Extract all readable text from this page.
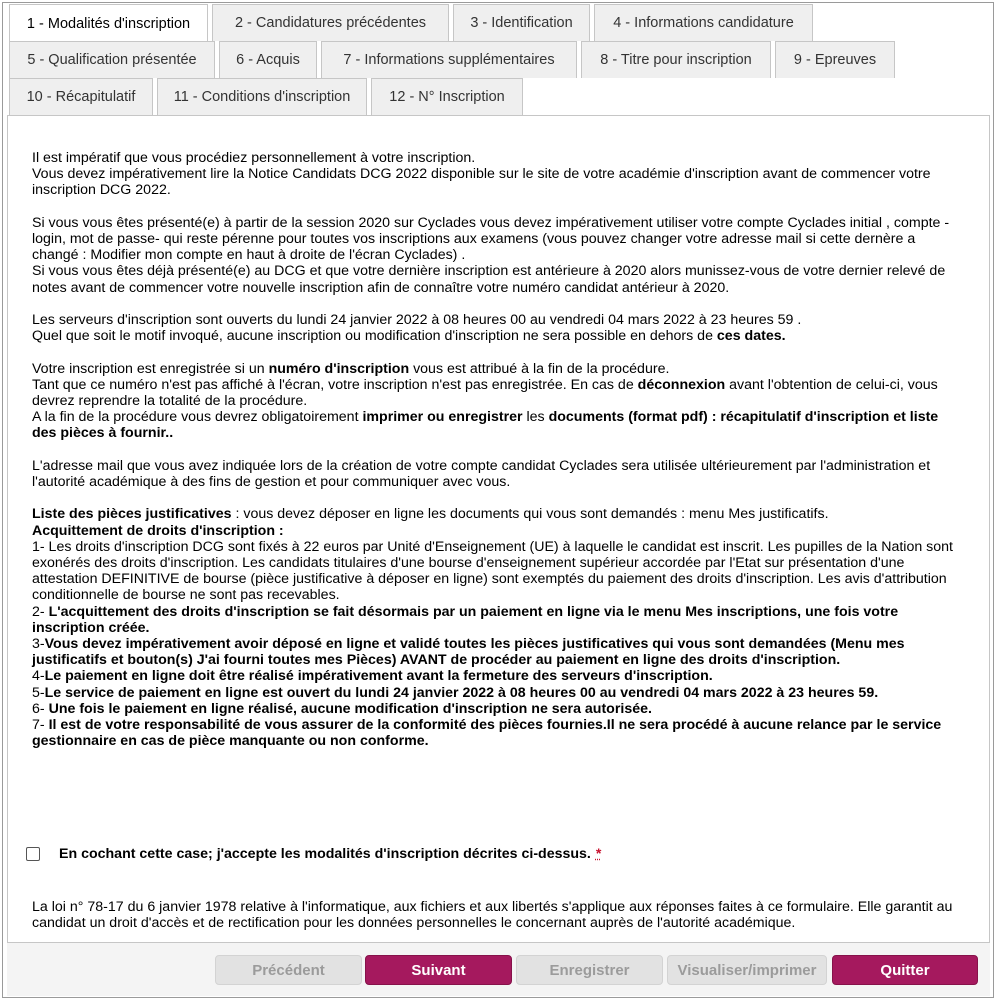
1 - Modalités d'inscription	2 - Candidatures précédentes	3 - Identification	4 - Informations candidature
5 - Qualification présentée	6 - Acquis	7 - Informations supplémentaires	8 - Titre pour inscription	9 - Epreuves
10 - Récapitulatif	11 - Conditions d'inscription	12 - N° Inscription

Il est impératif que vous procédiez personnellement à votre inscription.
Vous devez impérativement lire la Notice Candidats DCG 2022 disponible sur le site de votre académie d'inscription avant de commencer votre inscription DCG 2022.

Si vous vous êtes présenté(e) à partir de la session 2020 sur Cyclades vous devez impérativement utiliser votre compte Cyclades initial , compte - login, mot de passe- qui reste pérenne pour toutes vos inscriptions aux examens (vous pouvez changer votre adresse mail si cette dernère a changé : Modifier mon compte en haut à droite de l'écran Cyclades) .
Si vous vous êtes déjà présenté(e) au DCG et que votre dernière inscription est antérieure à 2020 alors munissez-vous de votre dernier relevé de notes avant de commencer votre nouvelle inscription afin de connaître votre numéro candidat antérieur à 2020.

Les serveurs d'inscription sont ouverts du lundi 24 janvier 2022 à 08 heures 00 au vendredi 04 mars 2022 à 23 heures 59 .
Quel que soit le motif invoqué, aucune inscription ou modification d'inscription ne sera possible en dehors de ces dates.

Votre inscription est enregistrée si un numéro d'inscription vous est attribué à la fin de la procédure.
Tant que ce numéro n'est pas affiché à l'écran, votre inscription n'est pas enregistrée. En cas de déconnexion avant l'obtention de celui-ci, vous devrez reprendre la totalité de la procédure.
A la fin de la procédure vous devrez obligatoirement imprimer ou enregistrer les documents (format pdf) : récapitulatif d'inscription et liste des pièces à fournir..

L'adresse mail que vous avez indiquée lors de la création de votre compte candidat Cyclades sera utilisée ultérieurement par l'administration et l'autorité académique à des fins de gestion et pour communiquer avec vous.

Liste des pièces justificatives : vous devez déposer en ligne les documents qui vous sont demandés : menu Mes justificatifs.
Acquittement de droits d'inscription :
1- Les droits d'inscription DCG sont fixés à 22 euros par Unité d'Enseignement (UE) à laquelle le candidat est inscrit. Les pupilles de la Nation sont exonérés des droits d'inscription. Les candidats titulaires d'une bourse d'enseignement supérieur accordée par l'Etat sur présentation d'une attestation DEFINITIVE de bourse (pièce justificative à déposer en ligne) sont exemptés du paiement des droits d'inscription. Les avis d'attribution conditionnelle de bourse ne sont pas recevables.
2- L'acquittement des droits d'inscription se fait désormais par un paiement en ligne via le menu Mes inscriptions, une fois votre inscription créée.
3-Vous devez impérativement avoir déposé en ligne et validé toutes les pièces justificatives qui vous sont demandées (Menu mes justificatifs et bouton(s) J'ai fourni toutes mes Pièces) AVANT de procéder au paiement en ligne des droits d'inscription.
4-Le paiement en ligne doit être réalisé impérativement avant la fermeture des serveurs d'inscription.
5-Le service de paiement en ligne est ouvert du lundi 24 janvier 2022 à 08 heures 00 au vendredi 04 mars 2022 à 23 heures 59.
6- Une fois le paiement en ligne réalisé, aucune modification d'inscription ne sera autorisée.
7- Il est de votre responsabilité de vous assurer de la conformité des pièces fournies.Il ne sera procédé à aucune relance par le service gestionnaire en cas de pièce manquante ou non conforme.

En cochant cette case; j'accepte les modalités d'inscription décrites ci-dessus. *
La loi n° 78-17 du 6 janvier 1978 relative à l'informatique, aux fichiers et aux libertés s'applique aux réponses faites à ce formulaire. Elle garantit au candidat un droit d'accès et de rectification pour les données personnelles le concernant auprès de l'autorité académique.
Précédent	Suivant	Enregistrer	Visualiser/imprimer	Quitter
